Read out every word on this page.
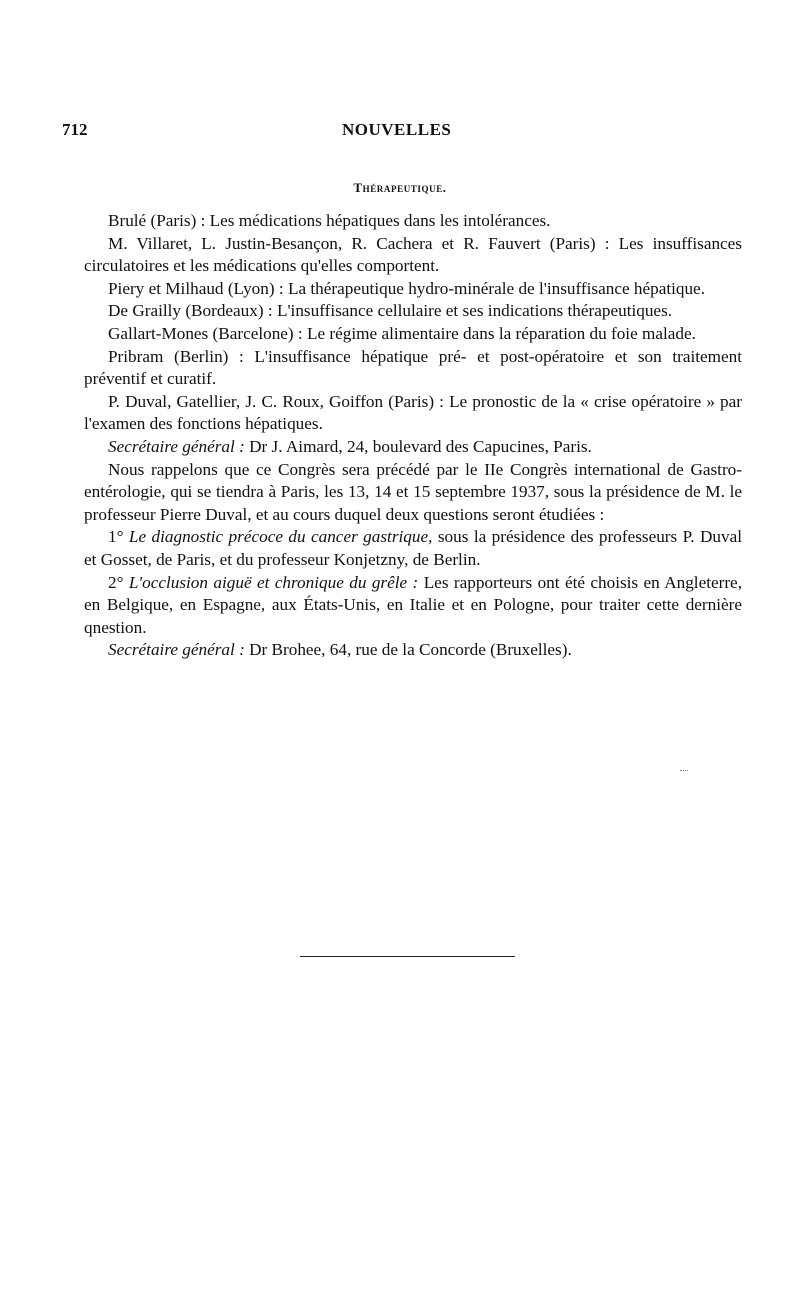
712	NOUVELLES
Thérapeutique.

Brulé (Paris) : Les médications hépatiques dans les intolérances.

M. Villaret, L. Justin-Besançon, R. Cachera et R. Fauvert (Paris) : Les insuffisances circulatoires et les médications qu'elles comportent.

Piery et Milhaud (Lyon) : La thérapeutique hydro-minérale de l'insuffisance hépatique.

De Grailly (Bordeaux) : L'insuffisance cellulaire et ses indications thérapeutiques.

Gallart-Mones (Barcelone) : Le régime alimentaire dans la réparation du foie malade.

Pribram (Berlin) : L'insuffisance hépatique pré- et post-opératoire et son traitement préventif et curatif.

P. Duval, Gatellier, J. C. Roux, Goiffon (Paris) : Le pronostic de la « crise opératoire » par l'examen des fonctions hépatiques.

Secrétaire général : Dr J. Aimard, 24, boulevard des Capucines, Paris.

Nous rappelons que ce Congrès sera précédé par le IIe Congrès international de Gastro-entérologie, qui se tiendra à Paris, les 13, 14 et 15 septembre 1937, sous la présidence de M. le professeur Pierre Duval, et au cours duquel deux questions seront étudiées :

1° Le diagnostic précoce du cancer gastrique, sous la présidence des professeurs P. Duval et Gosset, de Paris, et du professeur Konjetzny, de Berlin.

2° L'occlusion aiguë et chronique du grêle : Les rapporteurs ont été choisis en Angleterre, en Belgique, en Espagne, aux États-Unis, en Italie et en Pologne, pour traiter cette dernière qnestion.

Secrétaire général : Dr Brohee, 64, rue de la Concorde (Bruxelles).
